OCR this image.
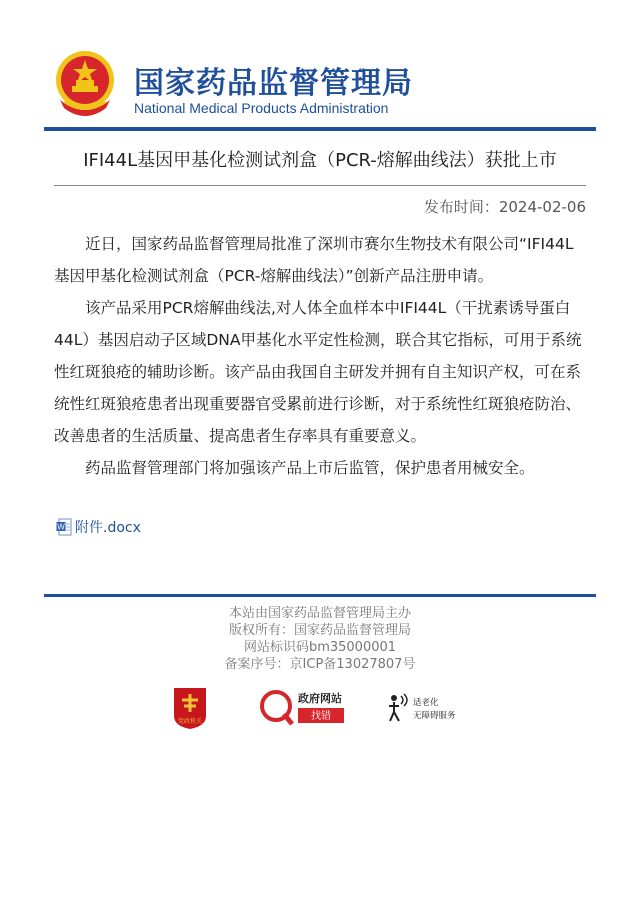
国家药品监督管理局
National Medical Products Administration
IFI44L基因甲基化检测试剂盒（PCR-熔解曲线法）获批上市
发布时间：2024-02-06

近日，国家药品监督管理局批准了深圳市赛尔生物技术有限公司“IFI44L基因甲基化检测试剂盒（PCR-熔解曲线法）”创新产品注册申请。

该产品采用PCR熔解曲线法,对人体全血样本中IFI44L（干扰素诱导蛋白44L）基因启动子区域DNA甲基化水平定性检测，联合其它指标，可用于系统性红斑狼疮的辅助诊断。该产品由我国自主研发并拥有自主知识产权，可在系统性红斑狼疮患者出现重要器官受累前进行诊断，对于系统性红斑狼疮防治、改善患者的生活质量、提高患者生存率具有重要意义。

药品监督管理部门将加强该产品上市后监管，保护患者用械安全。

W 附件.docx
本站由国家药品监督管理局主办
版权所有：国家药品监督管理局
网站标识码bm35000001
备案序号：京ICP备13027807号
党政机关
政府网站
找错
适老化
无障碍服务
